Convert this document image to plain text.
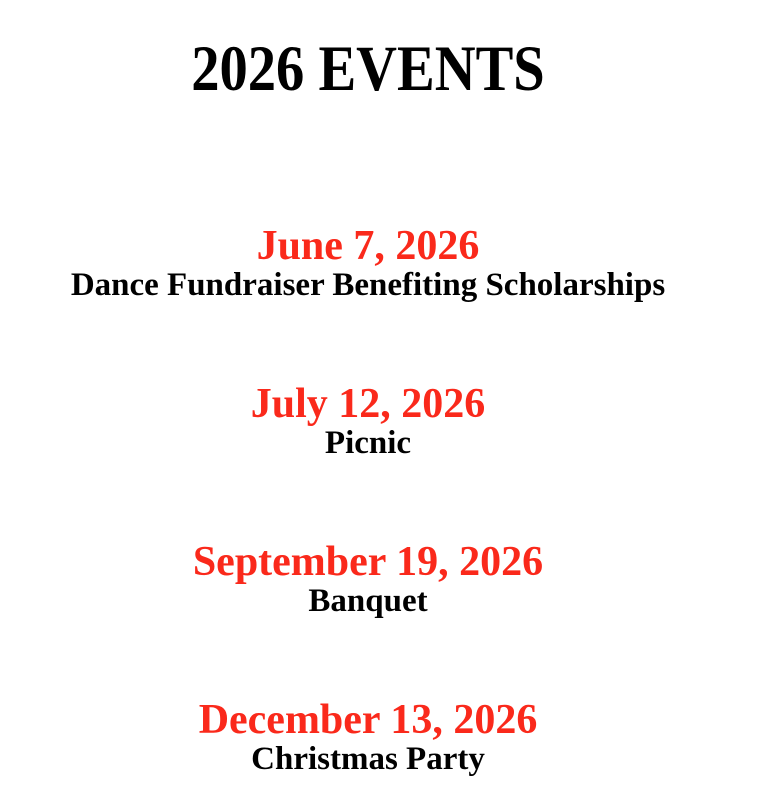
2026 EVENTS
June 7, 2026
Dance Fundraiser Benefiting Scholarships
July 12, 2026
Picnic
September 19, 2026
Banquet
December 13, 2026
Christmas Party
